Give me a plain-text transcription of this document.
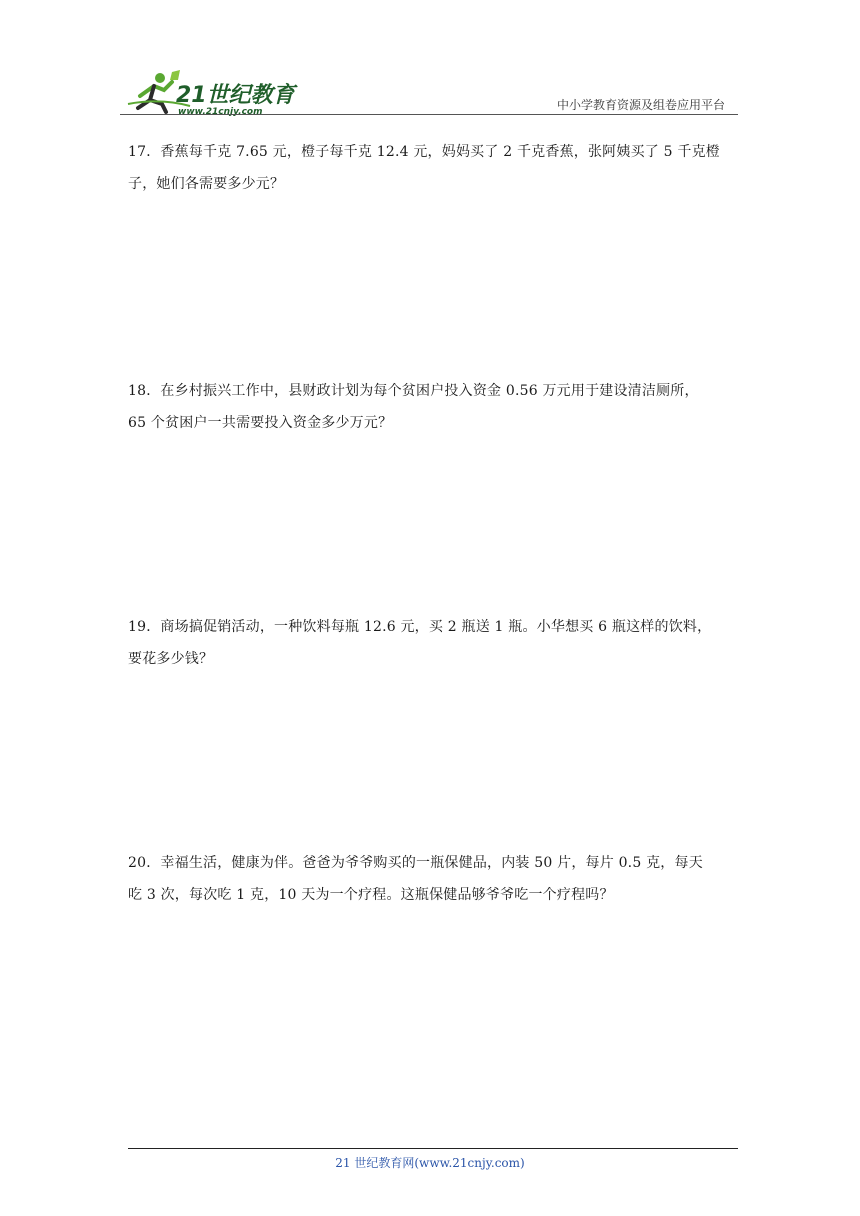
21世纪教育
www.21cnjy.com	中小学教育资源及组卷应用平台

17．香蕉每千克 7.65 元，橙子每千克 12.4 元，妈妈买了 2 千克香蕉，张阿姨买了 5 千克橙

子，她们各需要多少元？

18．在乡村振兴工作中，县财政计划为每个贫困户投入资金 0.56 万元用于建设清洁厕所，

65 个贫困户一共需要投入资金多少万元？

19．商场搞促销活动，一种饮料每瓶 12.6 元，买 2 瓶送 1 瓶。小华想买 6 瓶这样的饮料，

要花多少钱？

20．幸福生活，健康为伴。爸爸为爷爷购买的一瓶保健品，内装 50 片，每片 0.5 克，每天

吃 3 次，每次吃 1 克，10 天为一个疗程。这瓶保健品够爷爷吃一个疗程吗？

21 世纪教育网(www.21cnjy.com)
